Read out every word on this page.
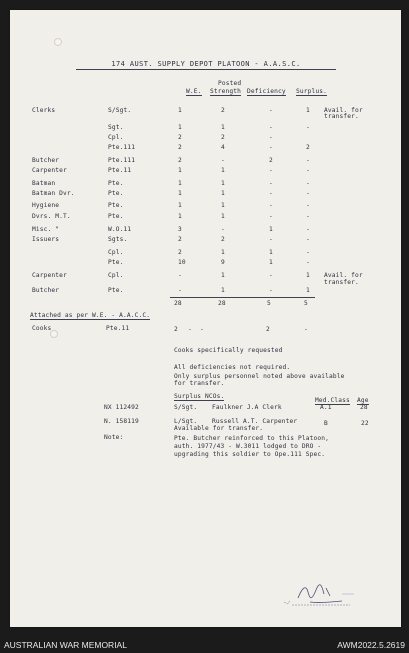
174 AUST. SUPPLY DEPOT PLATOON - A.A.S.C.
Posted
W.E. Strength Deficiency Surplus.
Clerks	S/Sgt.	1	2	-	1 Avail. for
transfer.
Sgt.	1	1	-	-
Cpl.	2	2	-
Pte.111	2	4	-	2
Butcher	Pte.111	2	-	2	-
Carpenter	Pte.11	1	1	-	-
Batman	Pte.	1	1	-	-
Batman Dvr.	Pte.	1	1	-	-
Hygiene	Pte.	1	1	-	-
Dvrs. M.T.	Pte.	1	1	-	-
Misc. "	W.O.11	3	-	1	-
Issuers	Sgts.	2	2	-	-
Cpl.	2	1	1	-
Pte.	10	9	1	-
Carpenter	Cpl.	-	1	-	1 Avail. for
transfer.
Butcher	Pte.	-	1	-	1
28	28	5	5
Attached as per W.E. - A.A.C.C.
Cooks	Pte.11	2 - -	2	-
Cooks specifically requested
All deficiencies not required.
Only surplus personnel noted above available
for transfer.
Surplus NCOs.
Med.Class Age
NX 112492	S/Sgt. Faulkner J.A Clerk	A.1	28
N. 158119	L/Sgt. Russell A.T. Carpenter	B	22
Available for transfer.
Note:	Pte. Butcher reinforced to this Platoon,
auth. 1977/43 - W.3011 lodged to DRO -
upgrading this soldier to Ope.111 Spec.
AUSTRALIAN WAR MEMORIAL	AWM2022.5.2619
